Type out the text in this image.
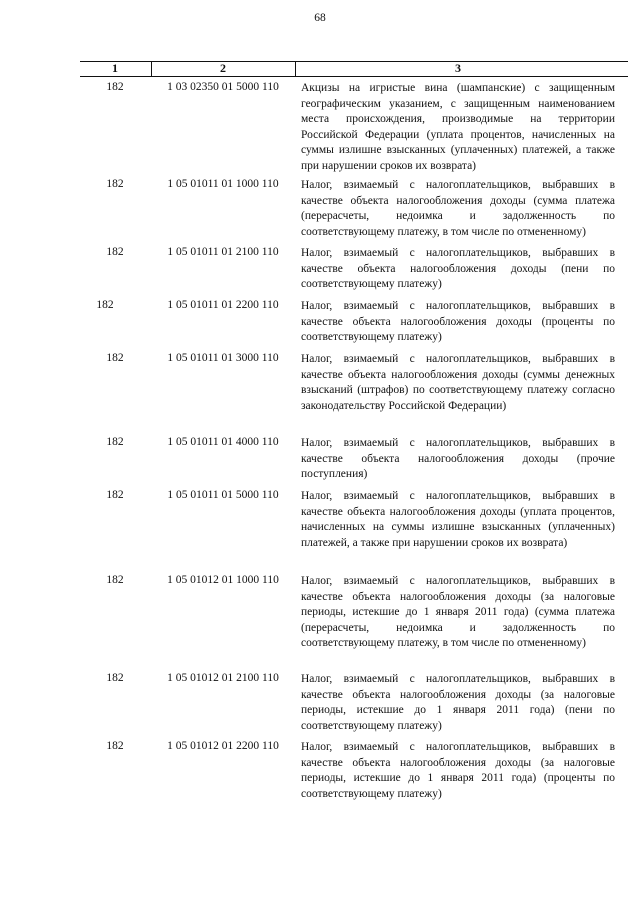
68
1	2	3
182	1 03 02350 01 5000 110	Акцизы на игристые вина (шампанские) с защищенным географическим указанием, с защищенным наименованием места происхождения, производимые на территории Российской Федерации (уплата процентов, начисленных на суммы излишне взысканных (уплаченных) платежей, а также при нарушении сроков их возврата)
182	1 05 01011 01 1000 110	Налог, взимаемый с налогоплательщиков, выбравших в качестве объекта налогообложения доходы (сумма платежа (перерасчеты, недоимка и задолженность по соответствующему платежу, в том числе по отмененному)
182	1 05 01011 01 2100 110	Налог, взимаемый с налогоплательщиков, выбравших в качестве объекта налогообложения доходы (пени по соответствующему платежу)
182	1 05 01011 01 2200 110	Налог, взимаемый с налогоплательщиков, выбравших в качестве объекта налогообложения доходы (проценты по соответствующему платежу)
182	1 05 01011 01 3000 110	Налог, взимаемый с налогоплательщиков, выбравших в качестве объекта налогообложения доходы (суммы денежных взысканий (штрафов) по соответствующему платежу согласно законодательству Российской Федерации)
182	1 05 01011 01 4000 110	Налог, взимаемый с налогоплательщиков, выбравших в качестве объекта налогообложения доходы (прочие поступления)
182	1 05 01011 01 5000 110	Налог, взимаемый с налогоплательщиков, выбравших в качестве объекта налогообложения доходы (уплата процентов, начисленных на суммы излишне взысканных (уплаченных) платежей, а также при нарушении сроков их возврата)
182	1 05 01012 01 1000 110	Налог, взимаемый с налогоплательщиков, выбравших в качестве объекта налогообложения доходы (за налоговые периоды, истекшие до 1 января 2011 года) (сумма платежа (перерасчеты, недоимка и задолженность по соответствующему платежу, в том числе по отмененному)
182	1 05 01012 01 2100 110	Налог, взимаемый с налогоплательщиков, выбравших в качестве объекта налогообложения доходы (за налоговые периоды, истекшие до 1 января 2011 года) (пени по соответствующему платежу)
182	1 05 01012 01 2200 110	Налог, взимаемый с налогоплательщиков, выбравших в качестве объекта налогообложения доходы (за налоговые периоды, истекшие до 1 января 2011 года) (проценты по соответствующему платежу)
